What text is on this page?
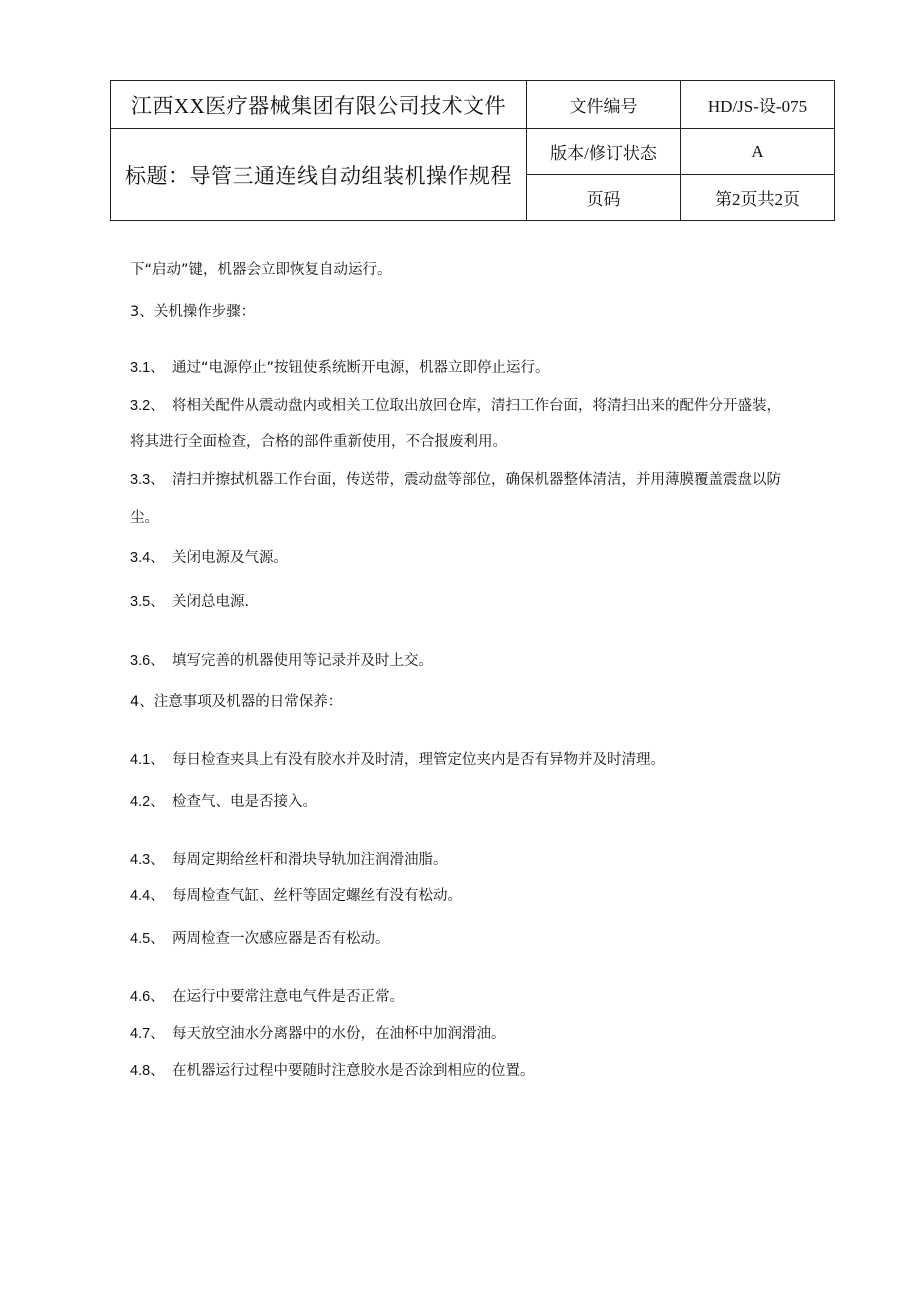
江西XX医疗器械集团有限公司技术文件	文件编号	HD/JS-设-075
标题：导管三通连线自动组装机操作规程	版本/修订状态	A
	页码	第2页共2页
下“启动”键，机器会立即恢复自动运行。
3、关机操作步骤：
3.1、 通过“电源停止”按钮使系统断开电源，机器立即停止运行。
3.2、 将相关配件从震动盘内或相关工位取出放回仓库，清扫工作台面，将清扫出来的配件分开盛装，
将其进行全面检查，合格的部件重新使用，不合报废利用。
3.3、 清扫并擦拭机器工作台面，传送带，震动盘等部位，确保机器整体清洁，并用薄膜覆盖震盘以防
尘。
3.4、 关闭电源及气源。
3.5、 关闭总电源.
3.6、 填写完善的机器使用等记录并及时上交。
4、注意事项及机器的日常保养：
4.1、 每日检查夹具上有没有胶水并及时清，理管定位夹内是否有异物并及时清理。
4.2、 检查气、电是否接入。
4.3、 每周定期给丝杆和滑块导轨加注润滑油脂。
4.4、 每周检查气缸、丝杆等固定螺丝有没有松动。
4.5、 两周检查一次感应器是否有松动。
4.6、 在运行中要常注意电气件是否正常。
4.7、 每天放空油水分离器中的水份，在油杯中加润滑油。
4.8、 在机器运行过程中要随时注意胶水是否涂到相应的位置。
